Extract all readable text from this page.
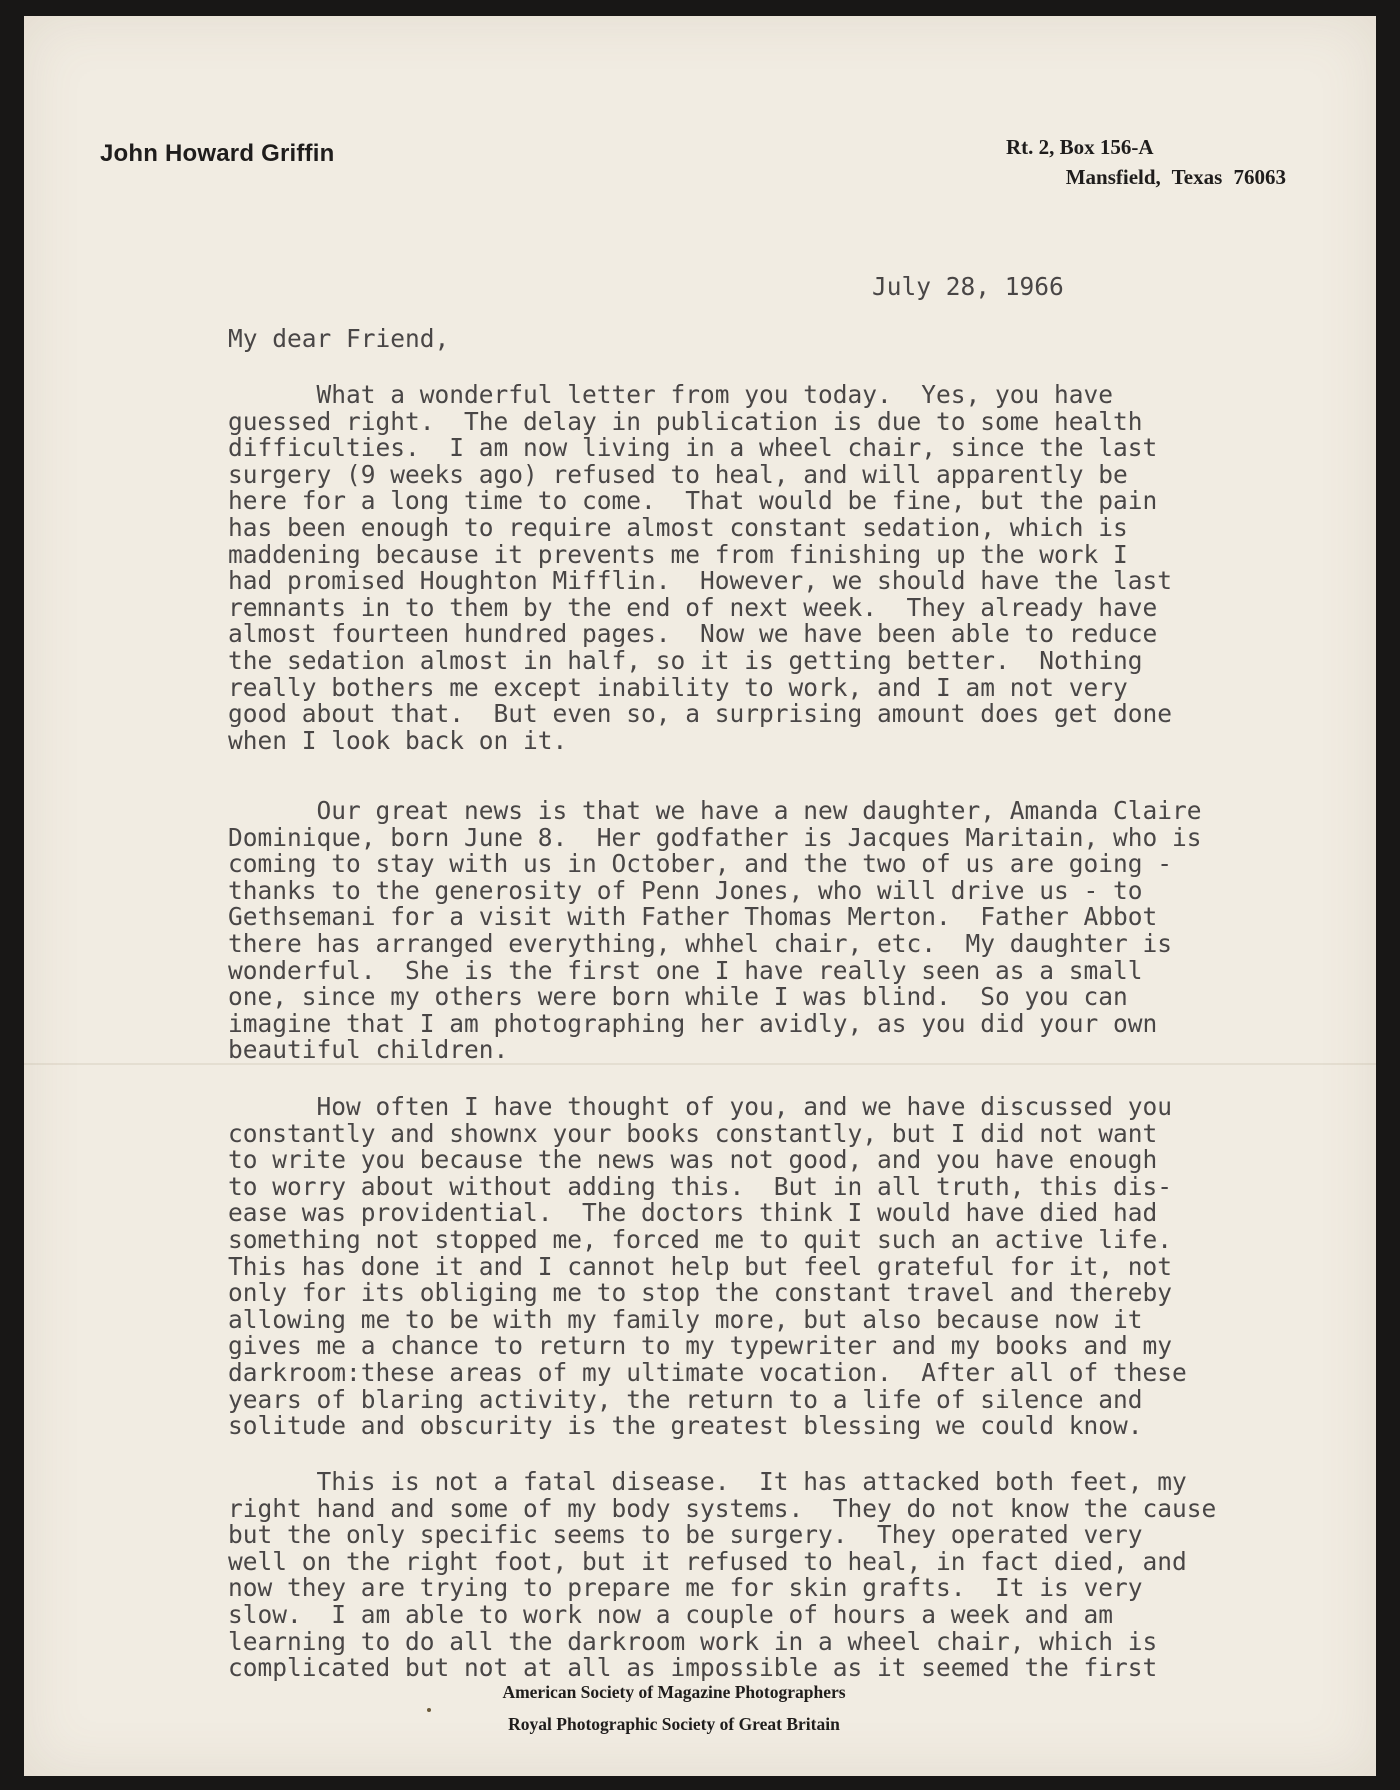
John Howard Griffin	Rt. 2, Box 156-A
Mansfield, Texas 76063
July 28, 1966
My dear Friend,

What a wonderful letter from you today.  Yes, you have
guessed right.  The delay in publication is due to some health
difficulties.  I am now living in a wheel chair, since the last
surgery (9 weeks ago) refused to heal, and will apparently be
here for a long time to come.  That would be fine, but the pain
has been enough to require almost constant sedation, which is
maddening because it prevents me from finishing up the work I
had promised Houghton Mifflin.  However, we should have the last
remnants in to them by the end of next week.  They already have
almost fourteen hundred pages.  Now we have been able to reduce
the sedation almost in half, so it is getting better.  Nothing
really bothers me except inability to work, and I am not very
good about that.  But even so, a surprising amount does get done
when I look back on it.

Our great news is that we have a new daughter, Amanda Claire
Dominique, born June 8.  Her godfather is Jacques Maritain, who is
coming to stay with us in October, and the two of us are going -
thanks to the generosity of Penn Jones, who will drive us - to
Gethsemani for a visit with Father Thomas Merton.  Father Abbot
there has arranged everything, whhel chair, etc.  My daughter is
wonderful.  She is the first one I have really seen as a small
one, since my others were born while I was blind.  So you can
imagine that I am photographing her avidly, as you did your own
beautiful children.

How often I have thought of you, and we have discussed you
constantly and shownx your books constantly, but I did not want
to write you because the news was not good, and you have enough
to worry about without adding this.  But in all truth, this dis-
ease was providential.  The doctors think I would have died had
something not stopped me, forced me to quit such an active life.
This has done it and I cannot help but feel grateful for it, not
only for its obliging me to stop the constant travel and thereby
allowing me to be with my family more, but also because now it
gives me a chance to return to my typewriter and my books and my
darkroom:these areas of my ultimate vocation.  After all of these
years of blaring activity, the return to a life of silence and
solitude and obscurity is the greatest blessing we could know.

This is not a fatal disease.  It has attacked both feet, my
right hand and some of my body systems.  They do not know the cause
but the only specific seems to be surgery.  They operated very
well on the right foot, but it refused to heal, in fact died, and
now they are trying to prepare me for skin grafts.  It is very
slow.  I am able to work now a couple of hours a week and am
learning to do all the darkroom work in a wheel chair, which is
complicated but not at all as impossible as it seemed the first

American Society of Magazine Photographers
Royal Photographic Society of Great Britain
